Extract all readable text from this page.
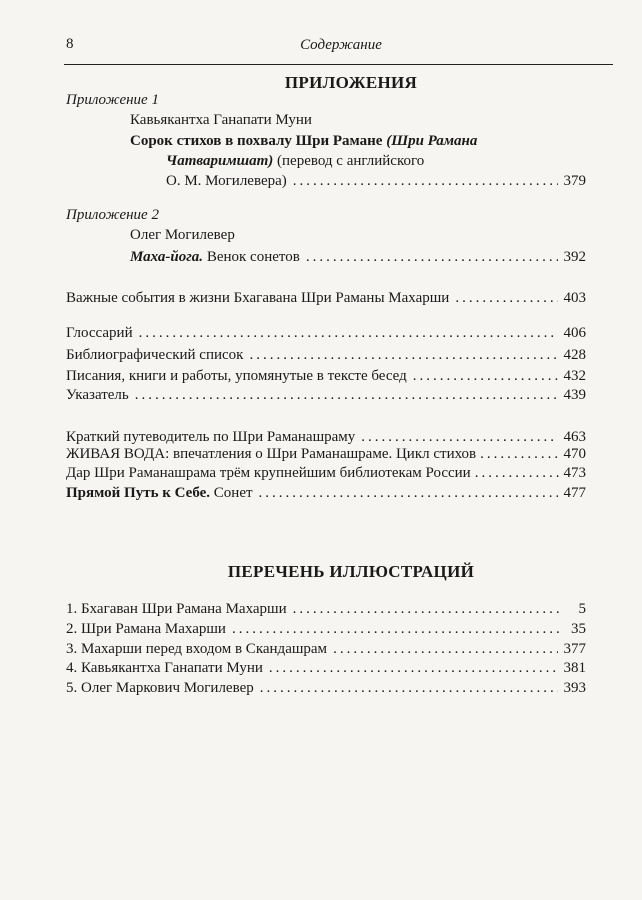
8	Содержание
ПРИЛОЖЕНИЯ
Приложение 1
Кавьякантха Ганапати Муни
Сорок стихов в похвалу Шри Рамане (Шри Рамана
Чатваримшат) (перевод с английского
О. М. Могилевера) .....	379
Приложение 2
Олег Могилевер
Маха-йога. Венок сонетов .....	392
Важные события в жизни Бхагавана Шри Раманы Махарши .....	403
Глоссарий .....	406
Библиографический список .....	428
Писания, книги и работы, упомянутые в тексте бесед .....	432
Указатель .....	439
Краткий путеводитель по Шри Раманашраму .....	463
ЖИВАЯ ВОДА: впечатления о Шри Раманашраме. Цикл стихов .....	470
Дар Шри Раманашрама трём крупнейшим библиотекам России .....	473
Прямой Путь к Себе. Сонет .....	477
ПЕРЕЧЕНЬ ИЛЛЮСТРАЦИЙ
1. Бхагаван Шри Рамана Махарши .....	5
2. Шри Рамана Махарши .....	35
3. Махарши перед входом в Скандашрам .....	377
4. Кавьякантха Ганапати Муни .....	381
5. Олег Маркович Могилевер .....	393
